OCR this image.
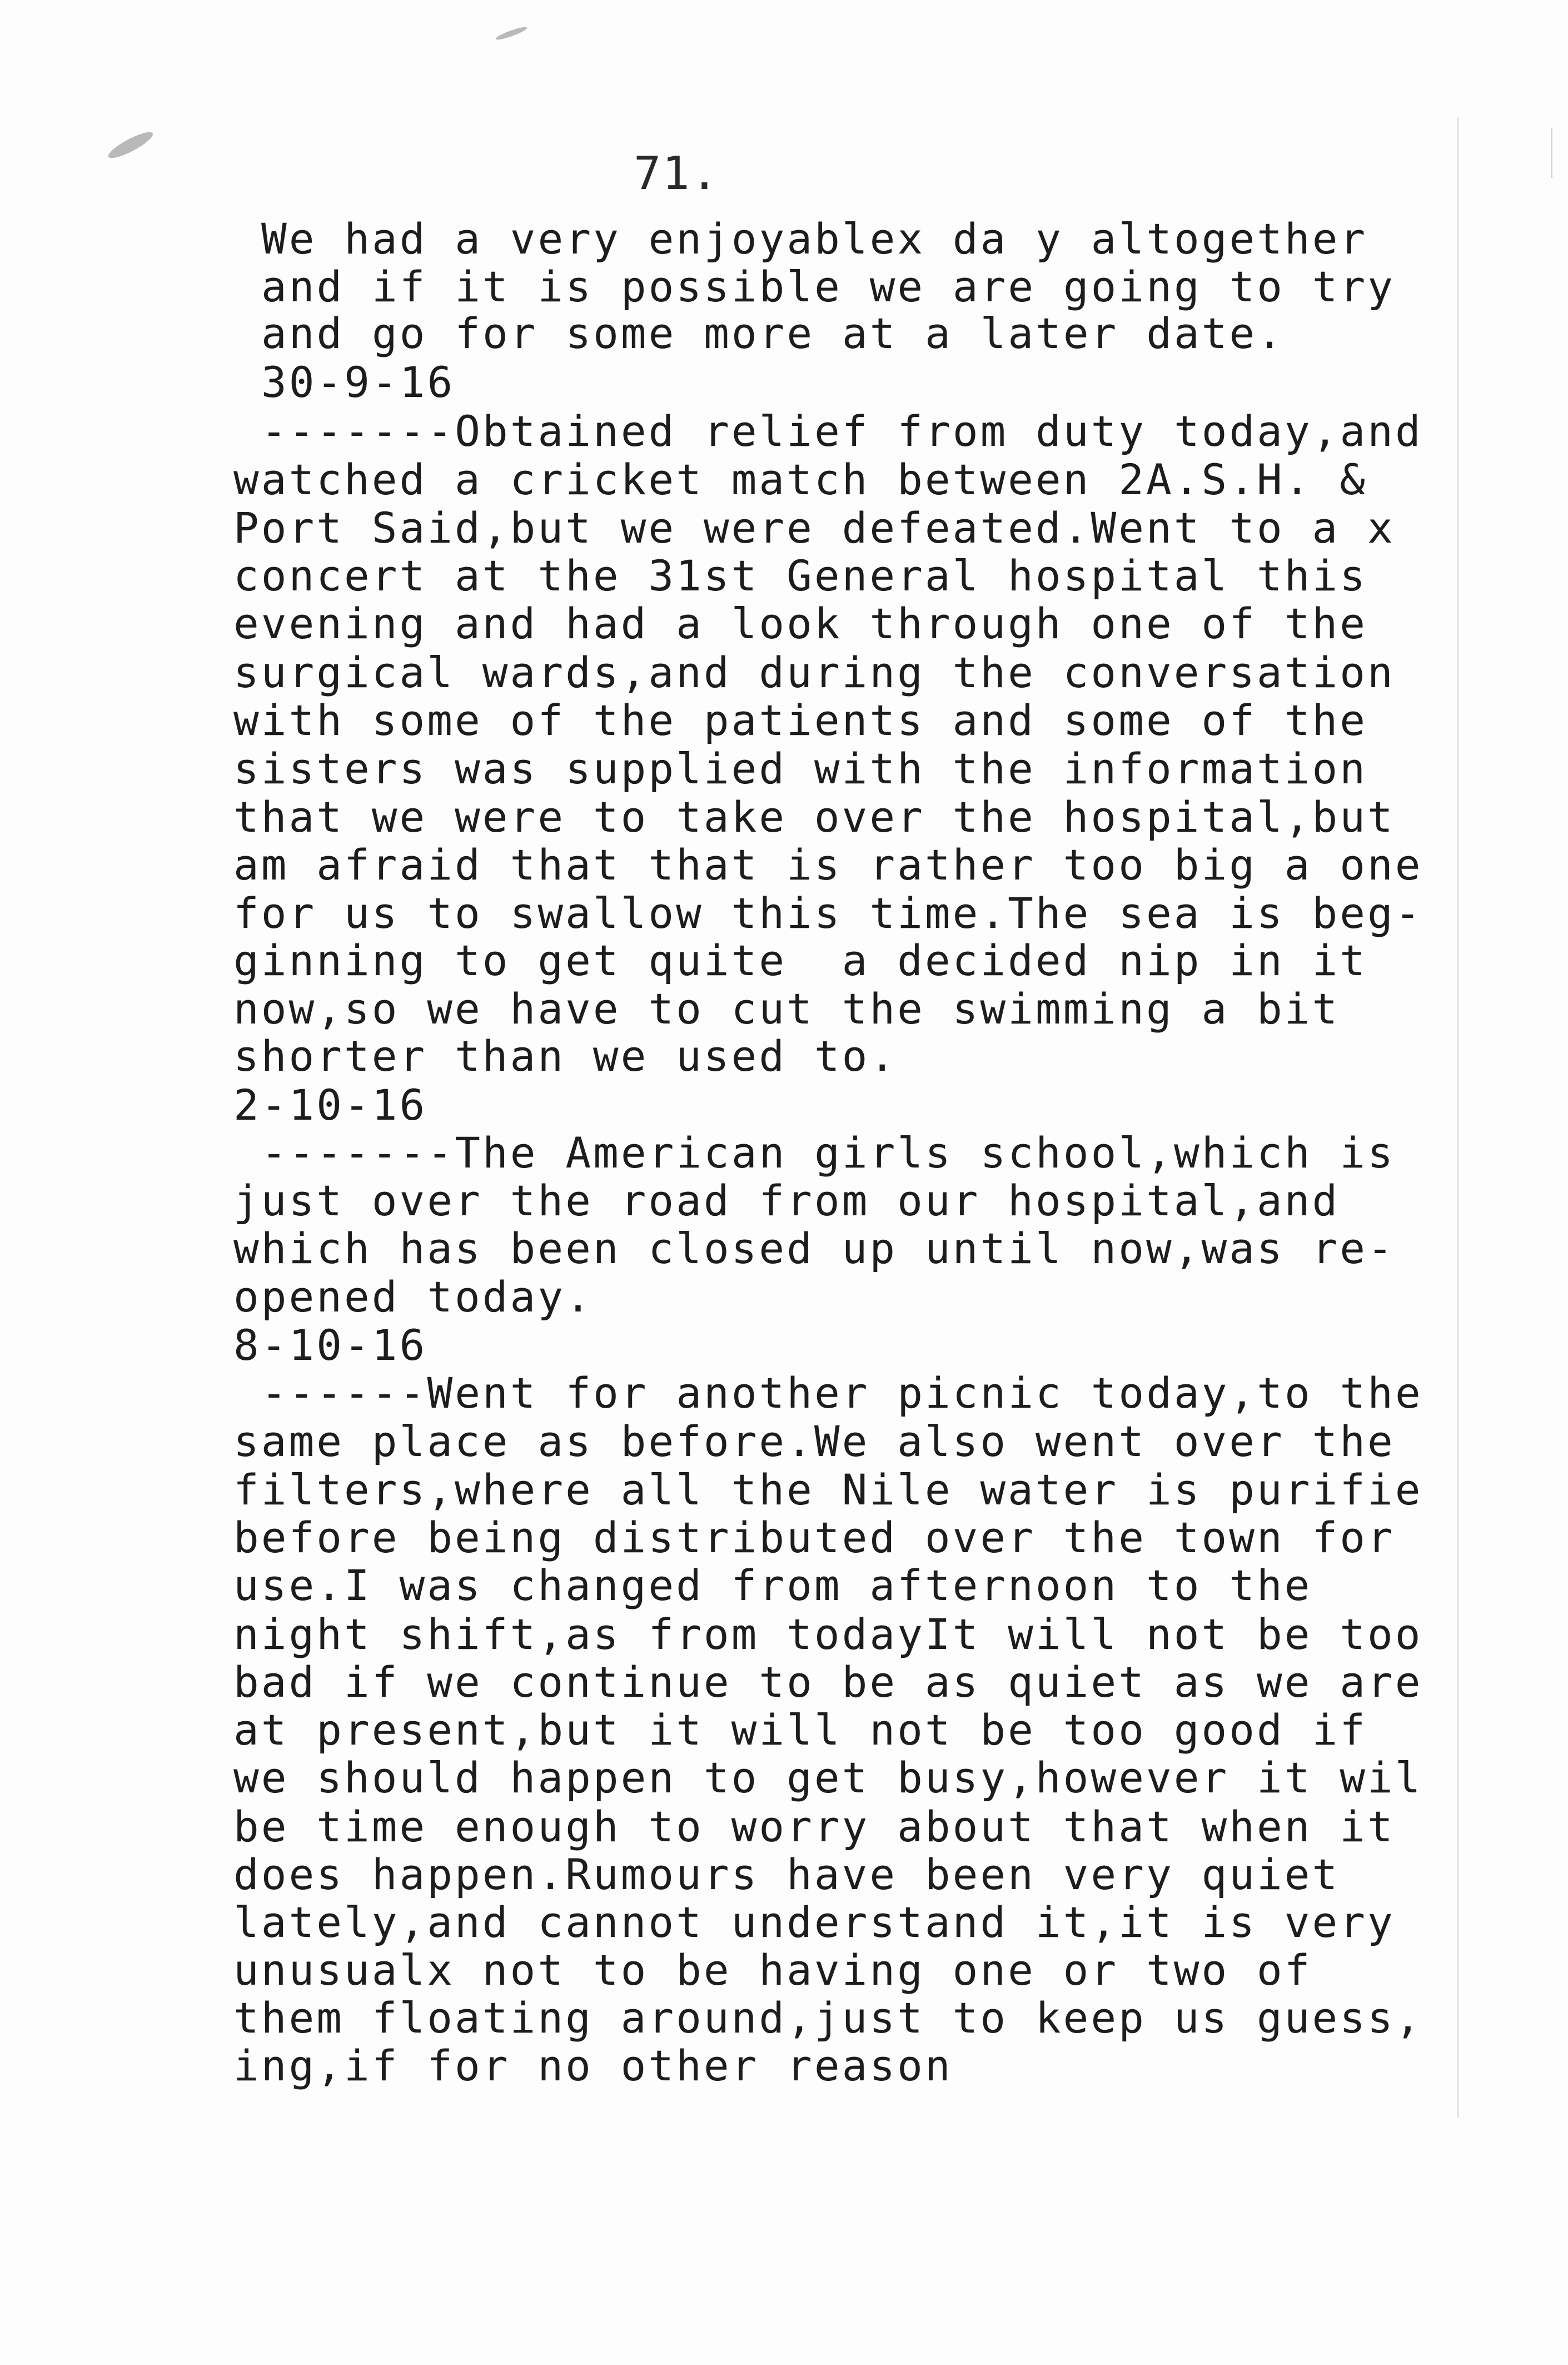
71.
We had a very enjoyablex da y altogether
and if it is possible we are going to try
and go for some more at a later date.
30-9-16
-------Obtained relief from duty today,and
watched a cricket match between 2A.S.H. &
Port Said,but we were defeated.Went to a x
concert at the 31st General hospital this
evening and had a look through one of the
surgical wards,and during the conversation
with some of the patients and some of the
sisters was supplied with the information
that we were to take over the hospital,but
am afraid that that is rather too big a one
for us to swallow this time.The sea is beg-
ginning to get quite  a decided nip in it
now,so we have to cut the swimming a bit
shorter than we used to.
2-10-16
-------The American girls school,which is
just over the road from our hospital,and
which has been closed up until now,was re-
opened today.
8-10-16
------Went for another picnic today,to the
same place as before.We also went over the
filters,where all the Nile water is purifie
before being distributed over the town for
use.I was changed from afternoon to the
night shift,as from todayIt will not be too
bad if we continue to be as quiet as we are
at present,but it will not be too good if
we should happen to get busy,however it wil
be time enough to worry about that when it
does happen.Rumours have been very quiet
lately,and cannot understand it,it is very
unusualx not to be having one or two of
them floating around,just to keep us guess,
ing,if for no other reason
